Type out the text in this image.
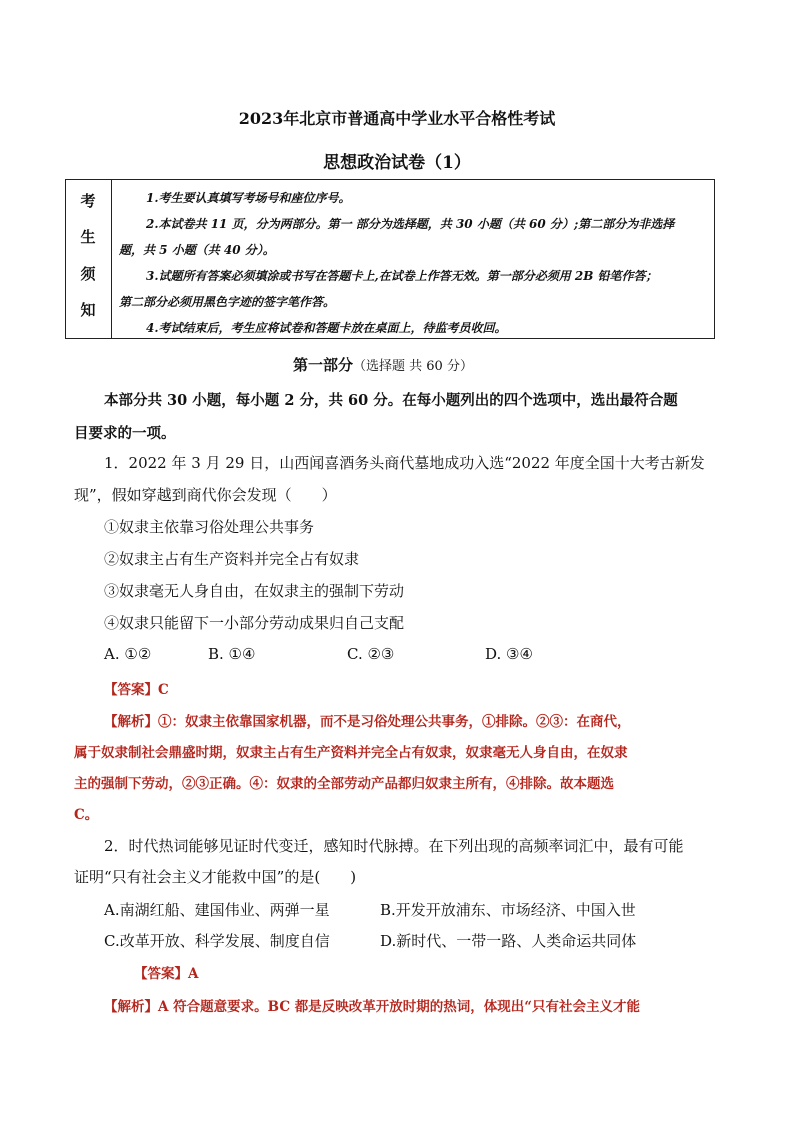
2023年北京市普通高中学业水平合格性考试
思想政治试卷（1）
考
生
须
知
1.考生要认真填写考场号和座位序号。
2.本试卷共 11 页，分为两部分。第一 部分为选择题，共 30 小题（共 60 分）;第二部分为非选择
题，共 5 小题（共 40 分）。
3.试题所有答案必须填涂或书写在答题卡上,在试卷上作答无效。第一部分必须用 2B 铅笔作答；
第二部分必须用黑色字迹的签字笔作答。
4.考试结束后，考生应将试卷和答题卡放在桌面上，待监考员收回。
第一部分（选择题 共 60 分）
本部分共 30 小题，每小题 2 分，共 60 分。在每小题列出的四个选项中，选出最符合题
目要求的一项。
1．2022 年 3 月 29 日，山西闻喜酒务头商代墓地成功入选“2022 年度全国十大考古新发
现”，假如穿越到商代你会发现（　　）
①奴隶主依靠习俗处理公共事务
②奴隶主占有生产资料并完全占有奴隶
③奴隶毫无人身自由，在奴隶主的强制下劳动
④奴隶只能留下一小部分劳动成果归自己支配
A. ①②	B. ①④	C. ②③	D. ③④
【答案】C
【解析】①：奴隶主依靠国家机器，而不是习俗处理公共事务，①排除。②③：在商代，
属于奴隶制社会鼎盛时期，奴隶主占有生产资料并完全占有奴隶，奴隶毫无人身自由，在奴隶
主的强制下劳动，②③正确。④：奴隶的全部劳动产品都归奴隶主所有，④排除。故本题选
C。
2．时代热词能够见证时代变迁，感知时代脉搏。在下列出现的高频率词汇中，最有可能
证明“只有社会主义才能救中国”的是(　　)
A.南湖红船、建国伟业、两弹一星	B.开发开放浦东、市场经济、中国入世
C.改革开放、科学发展、制度自信	D.新时代、一带一路、人类命运共同体
【答案】A
【解析】A 符合题意要求。BC 都是反映改革开放时期的热词，体现出“只有社会主义才能
